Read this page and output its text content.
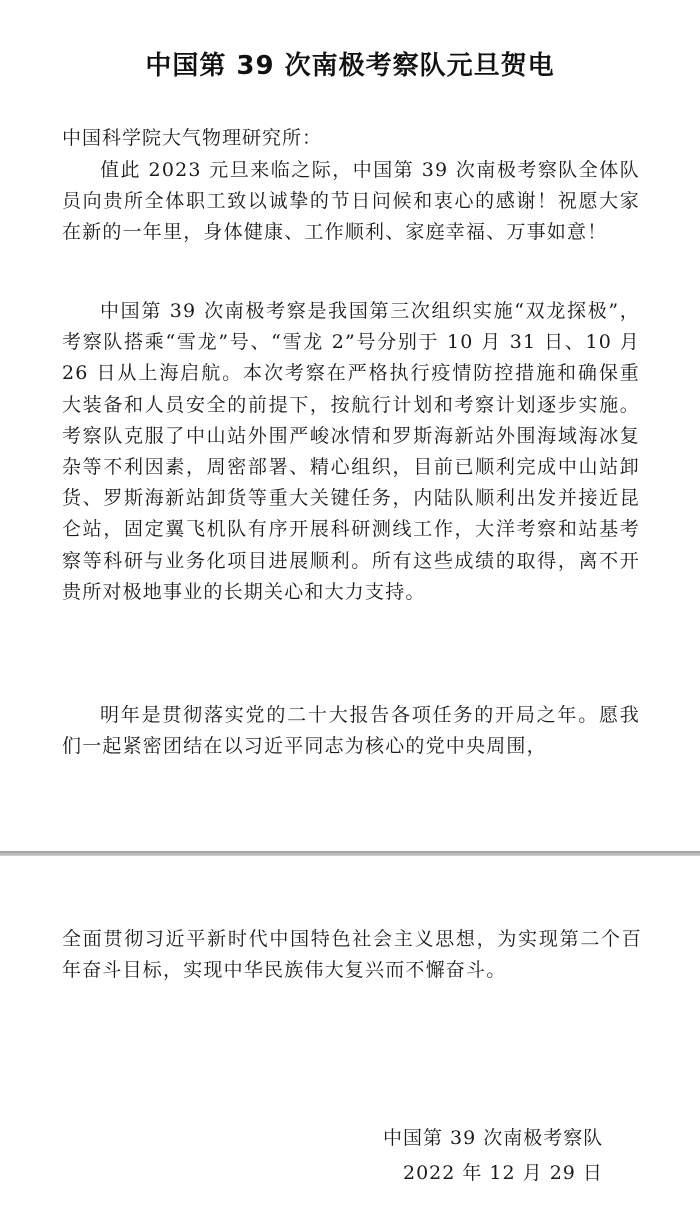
中国第 39 次南极考察队元旦贺电
中国科学院大气物理研究所：

值此 2023 元旦来临之际，中国第 39 次南极考察队全体队员向贵所全体职工致以诚挚的节日问候和衷心的感谢！祝愿大家在新的一年里，身体健康、工作顺利、家庭幸福、万事如意！

中国第 39 次南极考察是我国第三次组织实施“双龙探极”，考察队搭乘“雪龙”号、“雪龙 2”号分别于 10 月 31 日、10 月 26 日从上海启航。本次考察在严格执行疫情防控措施和确保重大装备和人员安全的前提下，按航行计划和考察计划逐步实施。考察队克服了中山站外围严峻冰情和罗斯海新站外围海域海冰复杂等不利因素，周密部署、精心组织，目前已顺利完成中山站卸货、罗斯海新站卸货等重大关键任务，内陆队顺利出发并接近昆仑站，固定翼飞机队有序开展科研测线工作，大洋考察和站基考察等科研与业务化项目进展顺利。所有这些成绩的取得，离不开贵所对极地事业的长期关心和大力支持。

明年是贯彻落实党的二十大报告各项任务的开局之年。愿我们一起紧密团结在以习近平同志为核心的党中央周围，

全面贯彻习近平新时代中国特色社会主义思想，为实现第二个百年奋斗目标，实现中华民族伟大复兴而不懈奋斗。

中国第 39 次南极考察队
2022 年 12 月 29 日
